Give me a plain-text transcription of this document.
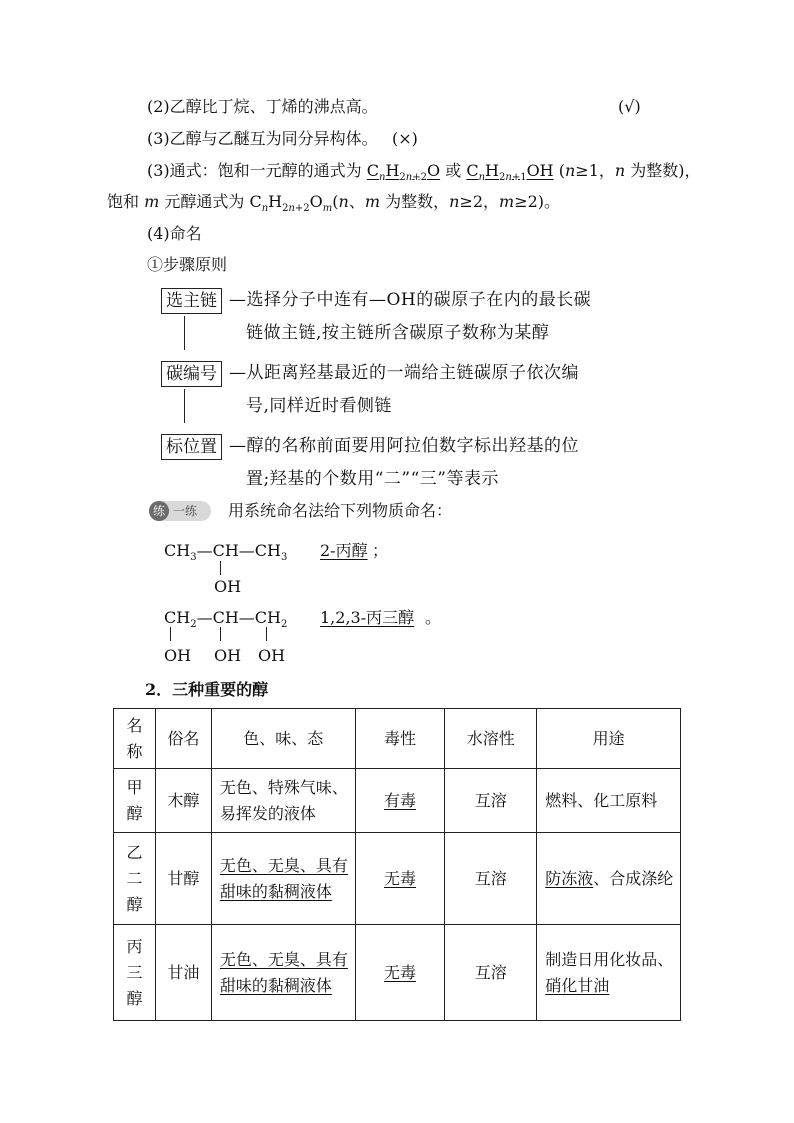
(2)乙醇比丁烷、丁烯的沸点高。	(√)
(3)乙醇与乙醚互为同分异构体。 (×)
(3)通式：饱和一元醇的通式为 $C_nH_{2n+2}O$ 或 $C_nH_{2n+1}OH$ (n≥1，n 为整数)，
饱和 m 元醇通式为 $C_nH_{2n+2}O_m(n$、m 为整数，n≥2，m≥2)。
(4)命名
①步骤原则
选主链 —选择分子中连有—OH的碳原子在内的最长碳
链做主链,按主链所含碳原子数称为某醇
碳编号 —从距离羟基最近的一端给主链碳原子依次编
号,同样近时看侧链
标位置 —醇的名称前面要用阿拉伯数字标出羟基的位
置;羟基的个数用“二”“三”等表示
练 一练 用系统命名法给下列物质命名：
$CH_3—CH—CH_3$
OH
2-丙醇 ；
$CH_2—CH—CH_2$
OH OH OH
1,2,3-丙三醇 。
2．三种重要的醇
名
称	俗名	色、味、态	毒性	水溶性	用途

甲
醇	木醇	无色、特殊气味、易挥发的液体	有毒	互溶	燃料、化工原料

乙
二
醇	甘醇	无色、无臭、具有甜味的黏稠液体	无毒	互溶	防冻液、合成涤纶

丙
三
醇	甘油	无色、无臭、具有甜味的黏稠液体	无毒	互溶	制造日用化妆品、
硝化甘油
